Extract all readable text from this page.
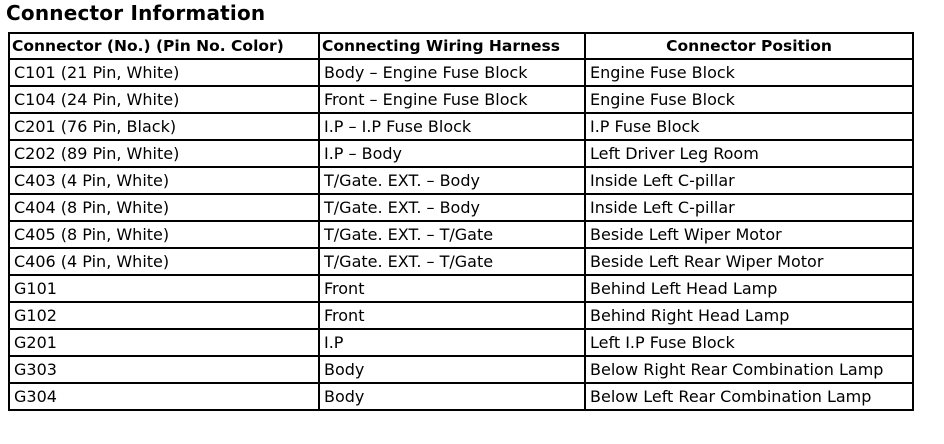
Connector Information
Connector (No.) (Pin No. Color)	Connecting Wiring Harness	Connector Position
C101 (21 Pin, White)	Body – Engine Fuse Block	Engine Fuse Block
C104 (24 Pin, White)	Front – Engine Fuse Block	Engine Fuse Block
C201 (76 Pin, Black)	I.P – I.P Fuse Block	I.P Fuse Block
C202 (89 Pin, White)	I.P – Body	Left Driver Leg Room
C403 (4 Pin, White)	T/Gate. EXT. – Body	Inside Left C-pillar
C404 (8 Pin, White)	T/Gate. EXT. – Body	Inside Left C-pillar
C405 (8 Pin, White)	T/Gate. EXT. – T/Gate	Beside Left Wiper Motor
C406 (4 Pin, White)	T/Gate. EXT. – T/Gate	Beside Left Rear Wiper Motor
G101	Front	Behind Left Head Lamp
G102	Front	Behind Right Head Lamp
G201	I.P	Left I.P Fuse Block
G303	Body	Below Right Rear Combination Lamp
G304	Body	Below Left Rear Combination Lamp
